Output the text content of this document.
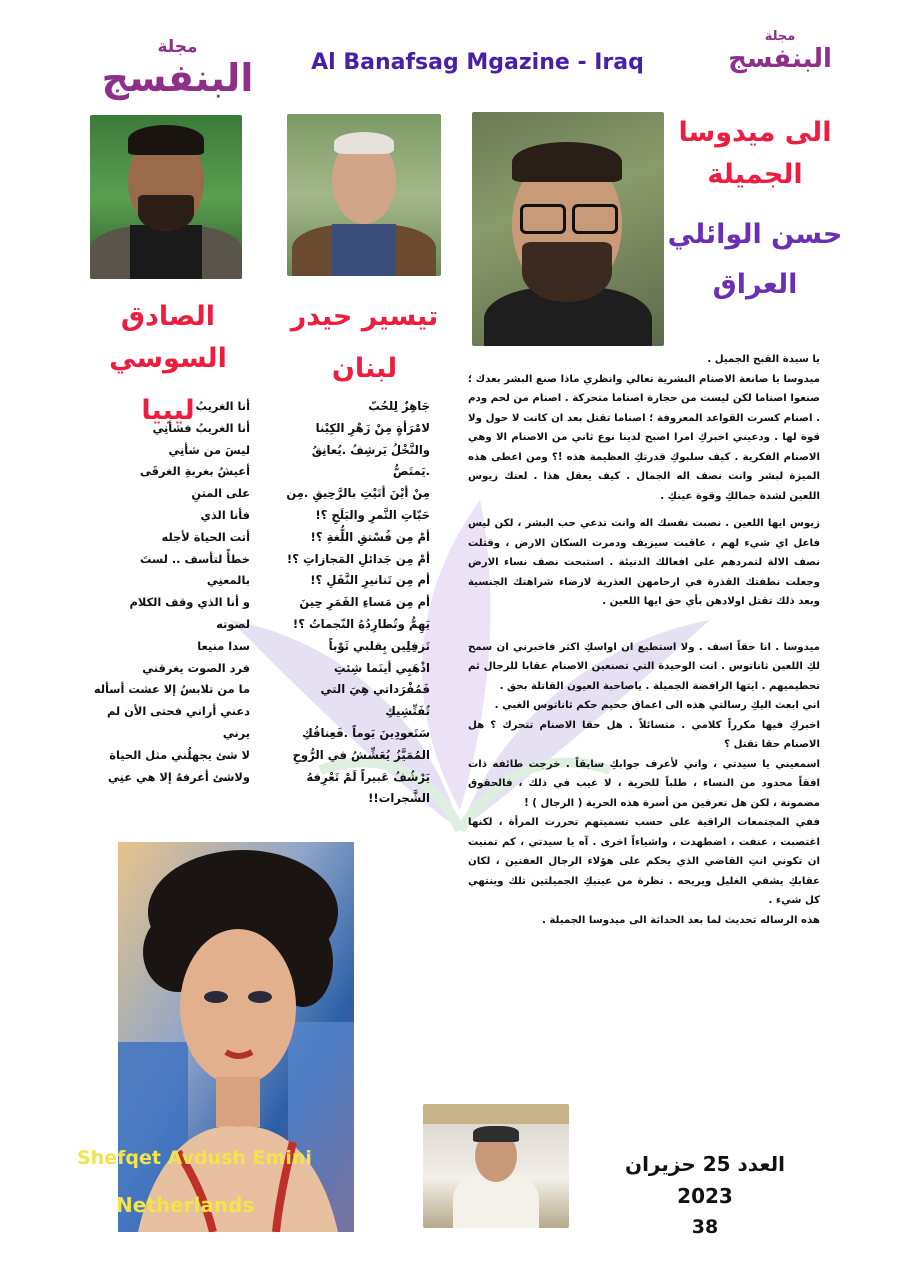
مجلة
البنفسج	Al Banafsag Mgazine - Iraq
مجلة
البنفسج
الى ميدوسا
الجميلة
حسن الوائلي
العراق
تيسير حيدر
لبنان
الصادق السوسي
ليبيا

يا سيدة القبح الجميل .

ميدوسا يا صانعة الاصنام البشرية تعالي وانظري ماذا صنع البشر بعدك ؛ صنعوا اصناما لكن ليست من حجارة اصناما متحركة . اصنام من لحم ودم . اصنام كسرت القواعد المعروفة ؛ اصناما تقتل بعد ان كانت لا حول ولا قوة لها . ودعيني اخبركِ امرا اصبح لدينا نوع ثاني من الاصنام الا وهي الاصنام الفكرية . كيف سلبوكِ قدرتكِ العظيمة هذه !؟ ومن اعطى هذه الميزة لبشر وانت نصف اله الجمال . كيف يعقل هذا . لعنك زيوس اللعين لشدة جمالكِ وقوة عينكِ .

زيوس ايها اللعين . نصبت نفسك اله وانت تدعي حب البشر ، لكن ليس فاعل اي شيء لهم ، عاقبت سيزيف ودمرت السكان الارض ، وقتلت نصف الالة لتمردهم على افعالك الدنيئة . استبحت نصف نساء الارض وجعلت نطفتك القذرة في ارحامهن العذرية لارضاء شراهتك الجنسية وبعد ذلك تقتل اولادهن بأي حق ايها اللعين .

ميدوسا . انا حقاً اسف . ولا استطيع ان اواسكِ اكثر فاخبرني ان سمح لكِ اللعين ثاناتوس . انت الوحيدة التي تصنعين الاصنام عقابا للرجال ثم تحطيميهم . ايتها الرافضة الجميلة . ياصاحبة العيون القاتلة بحق .

اني ابعث اليكِ رسالتي هذه الى اعماق جحيم حكم ثاناتوس الغبي .

اخبركِ فيها مكرراً كلامي . متسائلاً . هل حقا الاصنام تتحرك ؟ هل الاصنام حقا تقتل ؟

اسمعيني يا سيدتي ، واني لأعرف جوابكِ سابقاً . خرجت طائفه ذات افقاً محدود من النساء ، طلباً للحرية ، لا عيب في ذلك ، فالحقوق مضمونة ، لكن هل تعرفين من أسرة هذه الحرية ( الرجال ) !

ففي المجتمعات الراقية على حسب تسميتهم تحررت المرأة ، لكنها اغتصبت ، عنفت ، اضطهدت ، واشياءاً اخرى . آه يا سيدتي ، كم تمنيت ان تكوني انتِ القاضي الذي يحكم على هؤلاء الرجال العفنين ، لكان عقابكِ يشفي الغليل ويريحه . نظرة من عينيكِ الجميلتين تلك وينتهي كل شيء .

هذه الرساله تحديث لما بعد الحداثة الى ميدوسا الجميلة .

جَاهِزٌ لِلحُبّ
لامْرَأةٍ مِنْ زَهْرِ الكِيْنا
والنَّخْلُ يَرشِفُ .يُعانِقُ
.يَمتَصُّ
مِنْ أيْنَ أتَيْتِ بالرَّحِيقِ .مِن
حَبّاتِ التَّمرِ والبَلَحِ ؟!
أمْ مِن فُسْتقِ اللُّغةِ ؟!
أمْ مِن جَدائلِ المَجازاتِ ؟!
أم مِن تَنانيرِ النَّفَلِ ؟!
أم مِن مَساءِ القَمَرِ حِينَ
يَهِمُّ وتُطارِدُهُ النّجماتُ ؟!
تَزفِلِين بِقلبي ثَوْباً
اذْهَبِي أينَما شِئتِ
فَمُفْرَداتي هِيَ التي
تُفَتِّشِيكِ
سَتَعودِينَ يَوماً .فَعِناقُكِ
المُمَيَّزُ يُعَشِّشُ في الرُّوحِ
يَرْشُفُ عَبيراً لَمْ تَعْرِفهُ
الشَّجرات!!
أنا الغريبُ
أنا الغريبُ فشأنِي
ليسَ من شأنِي
أعيشُ بغربةِ الغرقَى
على المتنِ
فأنا الذي
أتت الحياة لأجله
خطأً لتأسف .. لستَ
بالمعنِي
و أنا الذي وقف الكلام
لصوته
سدا منيعا
فرد الصوت يغرقني
ما من تلابسُ إلا عشت أسأله
دعني أراني فحتى الأن لم
يرني
لا شئ يجهلُني مثل الحياة
ولاشئ أعرفهُ إلا هي عنِي
Shefqet Avdush Emini
Netherlands
العدد 25 حزيران
2023
38
